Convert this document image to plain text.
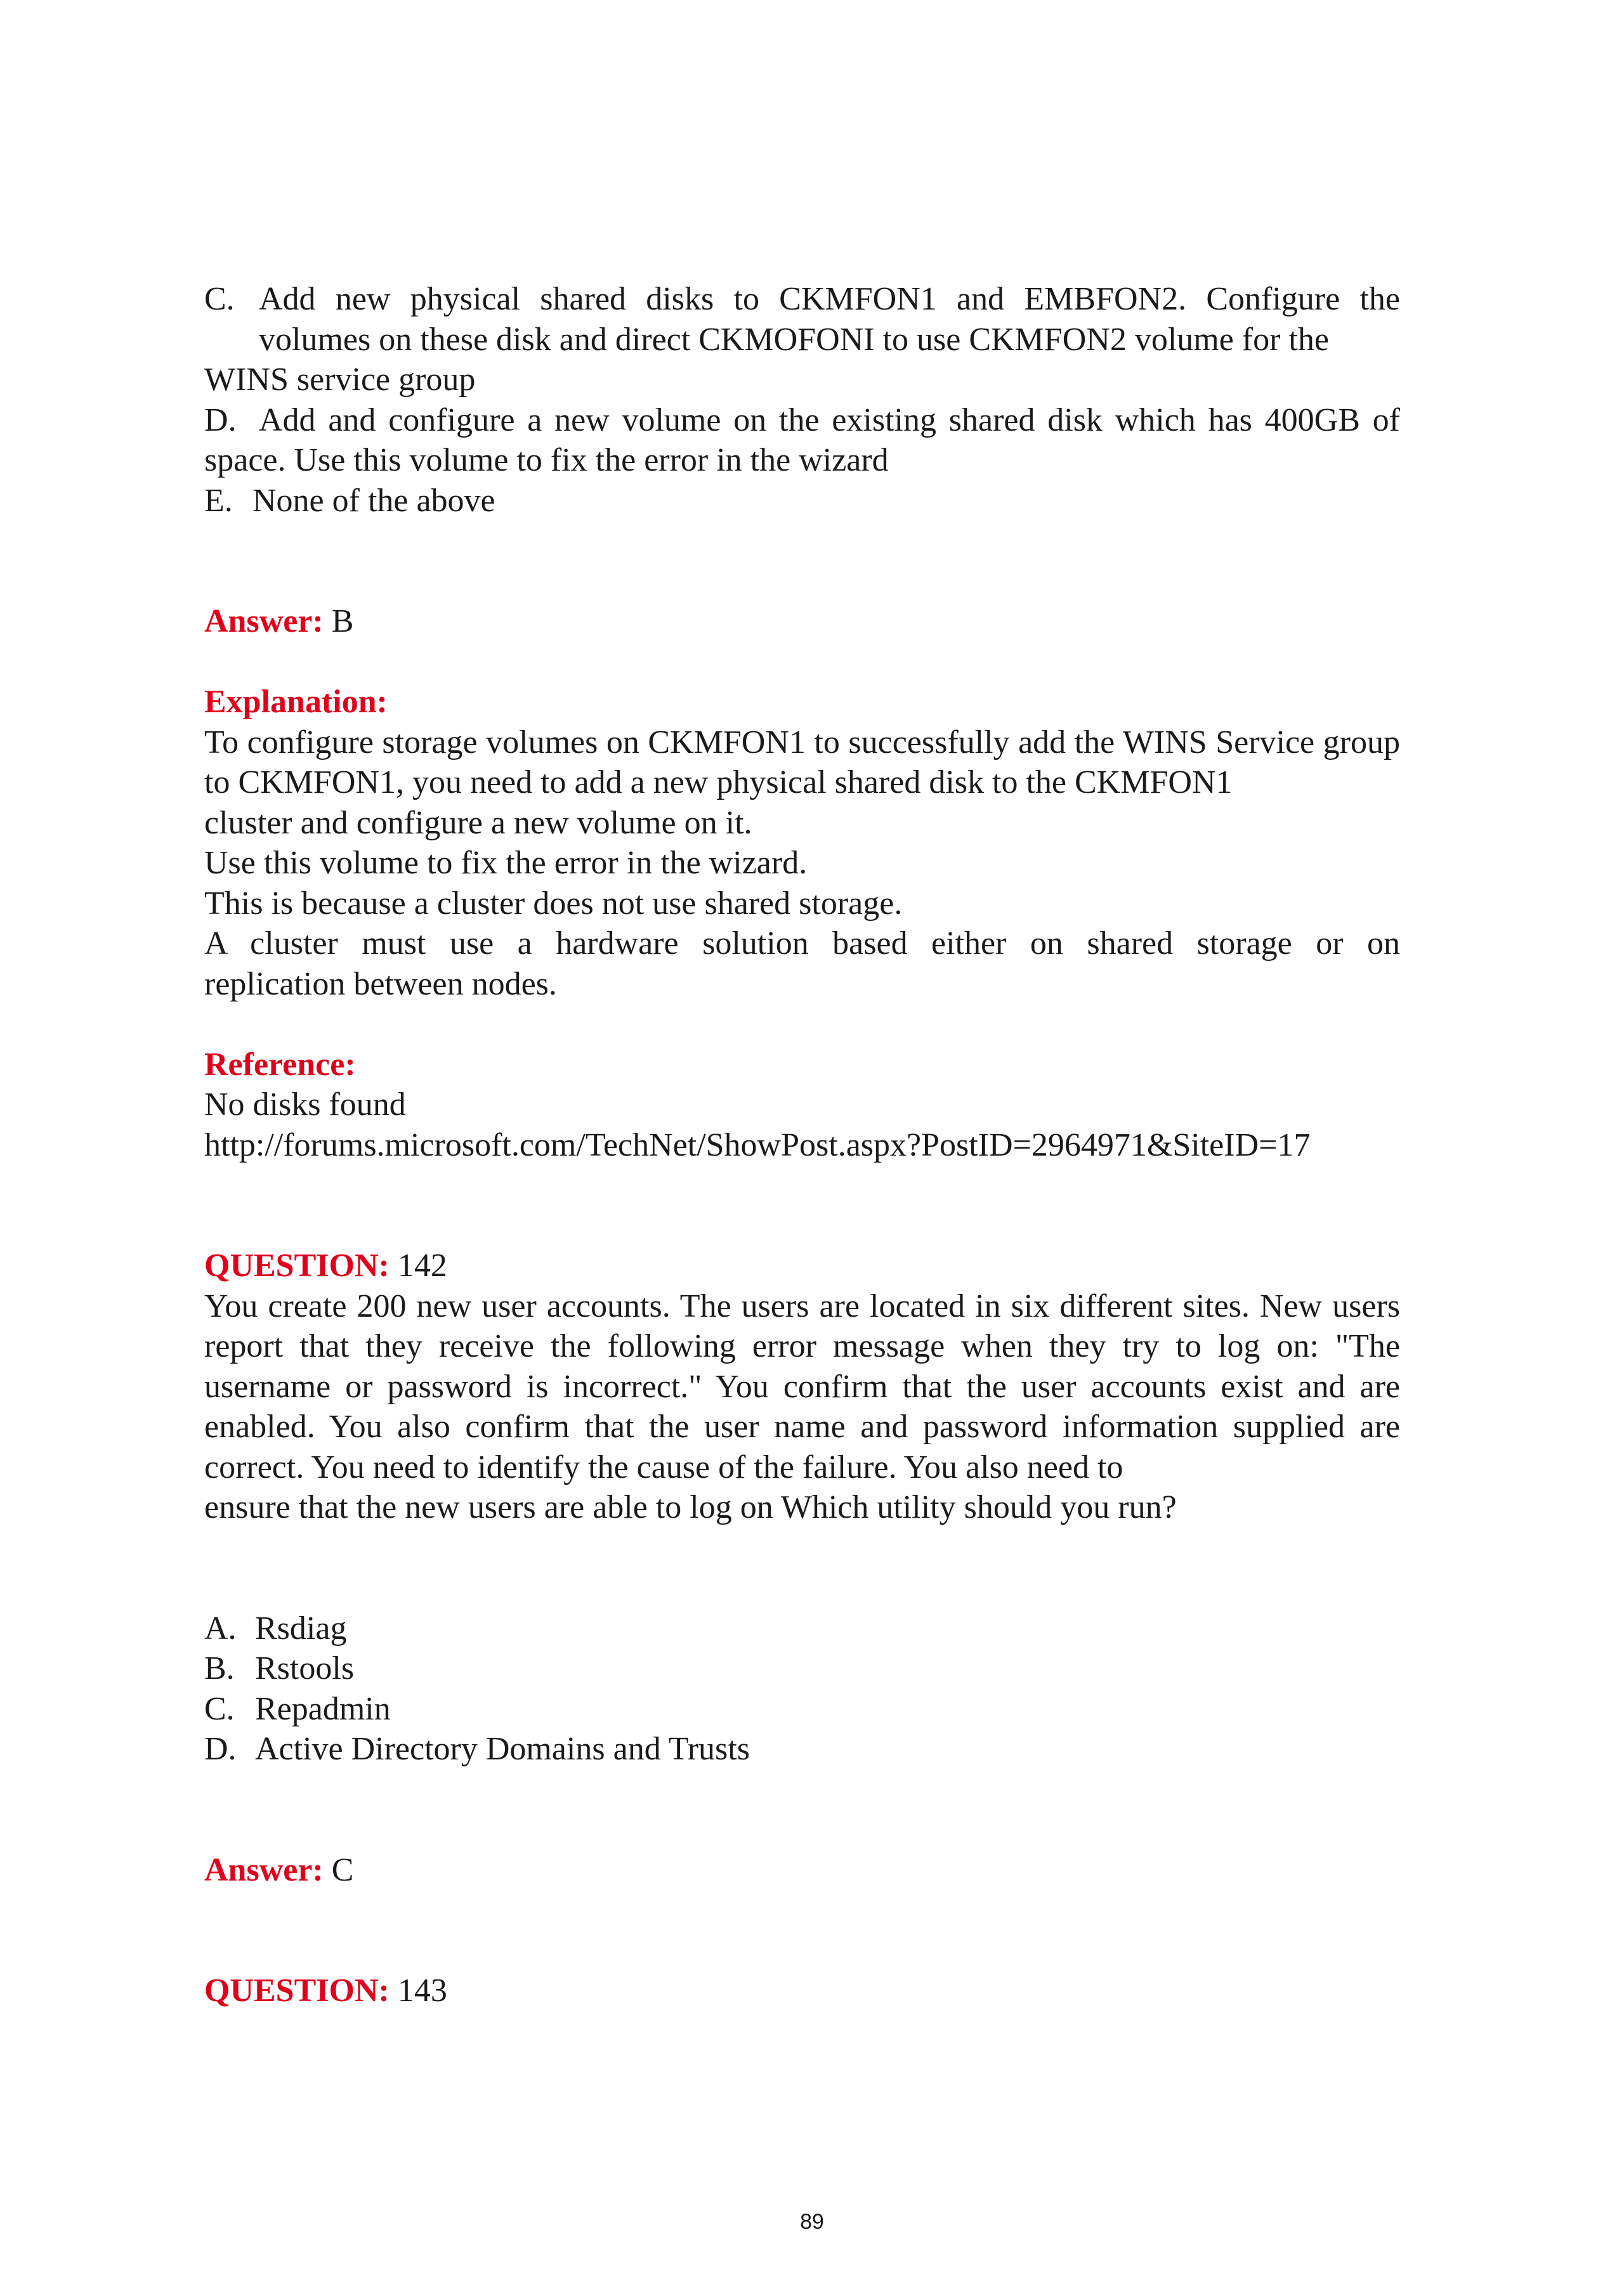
C. Add new physical shared disks to CKMFON1 and EMBFON2. Configure the volumes on these disk and direct CKMOFONI to use CKMFON2 volume for the

WINS service group

D. Add and configure a new volume on the existing shared disk which has 400GB of space. Use this volume to fix the error in the wizard
E. None of the above

Answer: B

Explanation:

To configure storage volumes on CKMFON1 to successfully add the WINS Service group to CKMFON1, you need to add a new physical shared disk to the CKMFON1

cluster and configure a new volume on it.

Use this volume to fix the error in the wizard.

This is because a cluster does not use shared storage.

A cluster must use a hardware solution based either on shared storage or on

replication between nodes.

Reference:

No disks found

http://forums.microsoft.com/TechNet/ShowPost.aspx?PostID=2964971&SiteID=17

QUESTION: 142

You create 200 new user accounts. The users are located in six different sites. New users report that they receive the following error message when they try to log on: "The username or password is incorrect." You confirm that the user accounts exist and are enabled. You also confirm that the user name and password information supplied are correct. You need to identify the cause of the failure. You also need to

ensure that the new users are able to log on Which utility should you run?

A. Rsdiag
B. Rstools
C. Repadmin
D. Active Directory Domains and Trusts

Answer: C

QUESTION: 143

89
